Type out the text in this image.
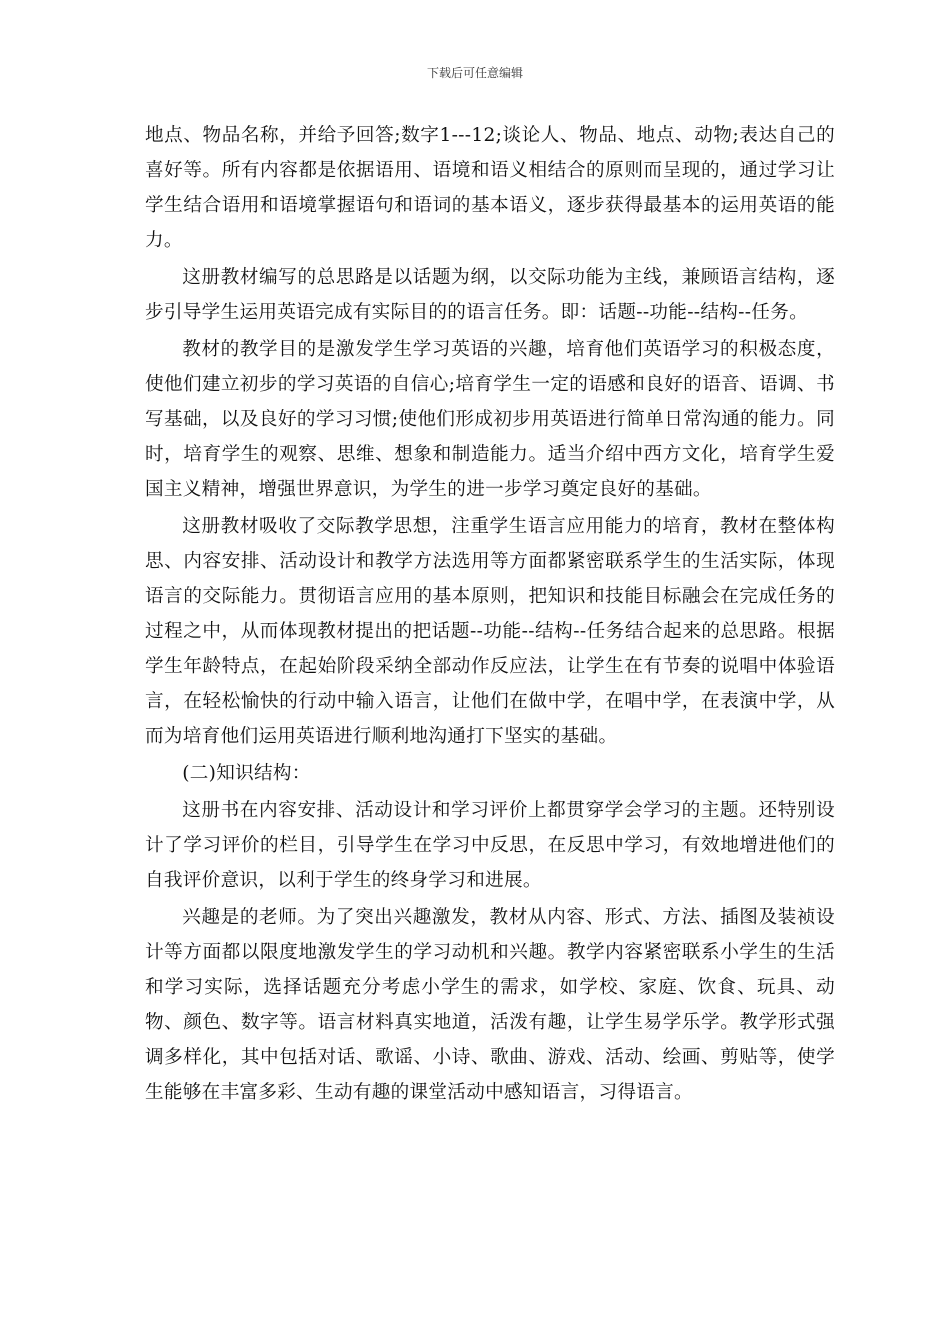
下载后可任意编辑

地点、物品名称，并给予回答;数字1---12;谈论人、物品、地点、动物;表达自己的喜好等。所有内容都是依据语用、语境和语义相结合的原则而呈现的，通过学习让学生结合语用和语境掌握语句和语词的基本语义，逐步获得最基本的运用英语的能力。

这册教材编写的总思路是以话题为纲，以交际功能为主线，兼顾语言结构，逐步引导学生运用英语完成有实际目的的语言任务。即：话题--功能--结构--任务。

教材的教学目的是激发学生学习英语的兴趣，培育他们英语学习的积极态度，使他们建立初步的学习英语的自信心;培育学生一定的语感和良好的语音、语调、书写基础，以及良好的学习习惯;使他们形成初步用英语进行简单日常沟通的能力。同时，培育学生的观察、思维、想象和制造能力。适当介绍中西方文化，培育学生爱国主义精神，增强世界意识，为学生的进一步学习奠定良好的基础。

这册教材吸收了交际教学思想，注重学生语言应用能力的培育，教材在整体构思、内容安排、活动设计和教学方法选用等方面都紧密联系学生的生活实际，体现语言的交际能力。贯彻语言应用的基本原则，把知识和技能目标融会在完成任务的过程之中，从而体现教材提出的把话题--功能--结构--任务结合起来的总思路。根据学生年龄特点，在起始阶段采纳全部动作反应法，让学生在有节奏的说唱中体验语言，在轻松愉快的行动中输入语言，让他们在做中学，在唱中学，在表演中学，从而为培育他们运用英语进行顺利地沟通打下坚实的基础。

(二)知识结构：

这册书在内容安排、活动设计和学习评价上都贯穿学会学习的主题。还特别设计了学习评价的栏目，引导学生在学习中反思，在反思中学习，有效地增进他们的自我评价意识，以利于学生的终身学习和进展。

兴趣是的老师。为了突出兴趣激发，教材从内容、形式、方法、插图及装祯设计等方面都以限度地激发学生的学习动机和兴趣。教学内容紧密联系小学生的生活和学习实际，选择话题充分考虑小学生的需求，如学校、家庭、饮食、玩具、动物、颜色、数字等。语言材料真实地道，活泼有趣，让学生易学乐学。教学形式强调多样化，其中包括对话、歌谣、小诗、歌曲、游戏、活动、绘画、剪贴等，使学生能够在丰富多彩、生动有趣的课堂活动中感知语言，习得语言。
